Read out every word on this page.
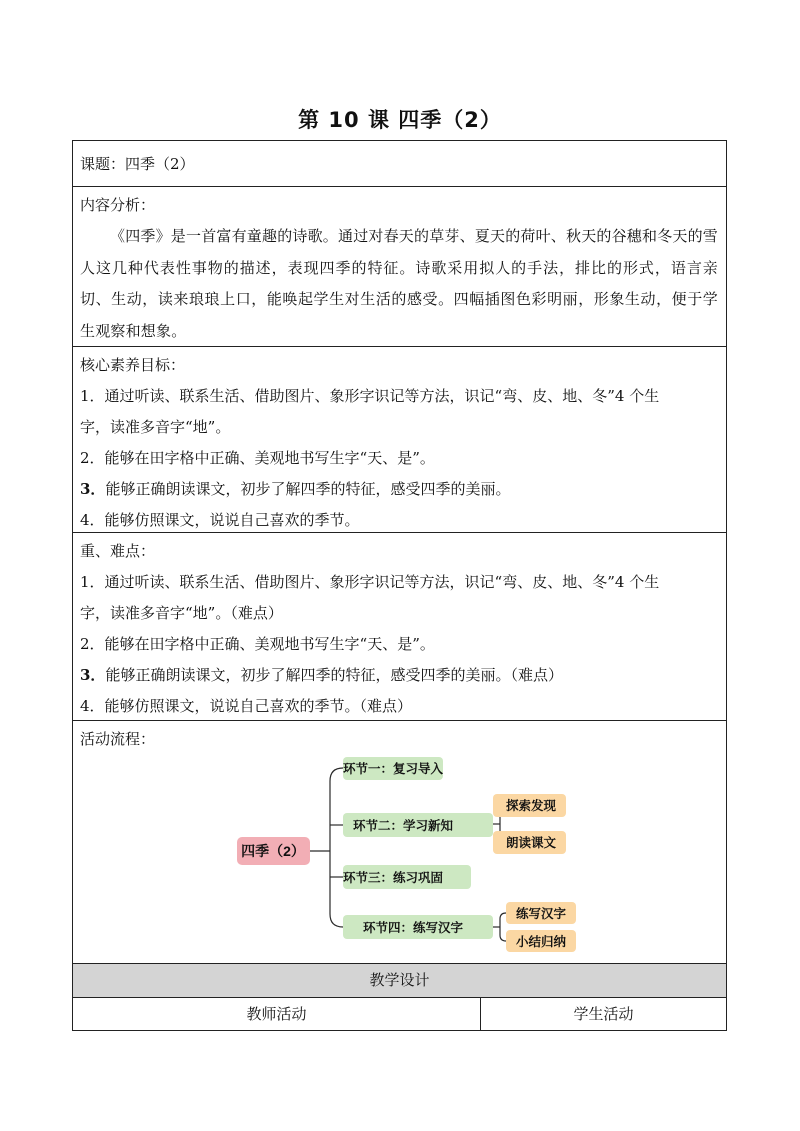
第 10 课 四季（2）
课题：四季（2）
内容分析：
《四季》是一首富有童趣的诗歌。通过对春天的草芽、夏天的荷叶、秋天的谷穗和冬天的雪人这几种代表性事物的描述，表现四季的特征。诗歌采用拟人的手法，排比的形式，语言亲切、生动，读来琅琅上口，能唤起学生对生活的感受。四幅插图色彩明丽，形象生动，便于学生观察和想象。
核心素养目标：
1．通过听读、联系生活、借助图片、象形字识记等方法，识记“弯、皮、地、冬”4 个生
字，读准多音字“地”。
2．能够在田字格中正确、美观地书写生字“天、是”。
3．能够正确朗读课文，初步了解四季的特征，感受四季的美丽。
4．能够仿照课文，说说自己喜欢的季节。
重、难点：
1．通过听读、联系生活、借助图片、象形字识记等方法，识记“弯、皮、地、冬”4 个生
字，读准多音字“地”。（难点）
2．能够在田字格中正确、美观地书写生字“天、是”。
3．能够正确朗读课文，初步了解四季的特征，感受四季的美丽。（难点）
4．能够仿照课文，说说自己喜欢的季节。（难点）
活动流程：
四季（2）
环节一：复习导入
环节二：学习新知
环节三：练习巩固
环节四：练写汉字
探索发现
朗读课文
练写汉字
小结归纳
教学设计
教师活动	学生活动
